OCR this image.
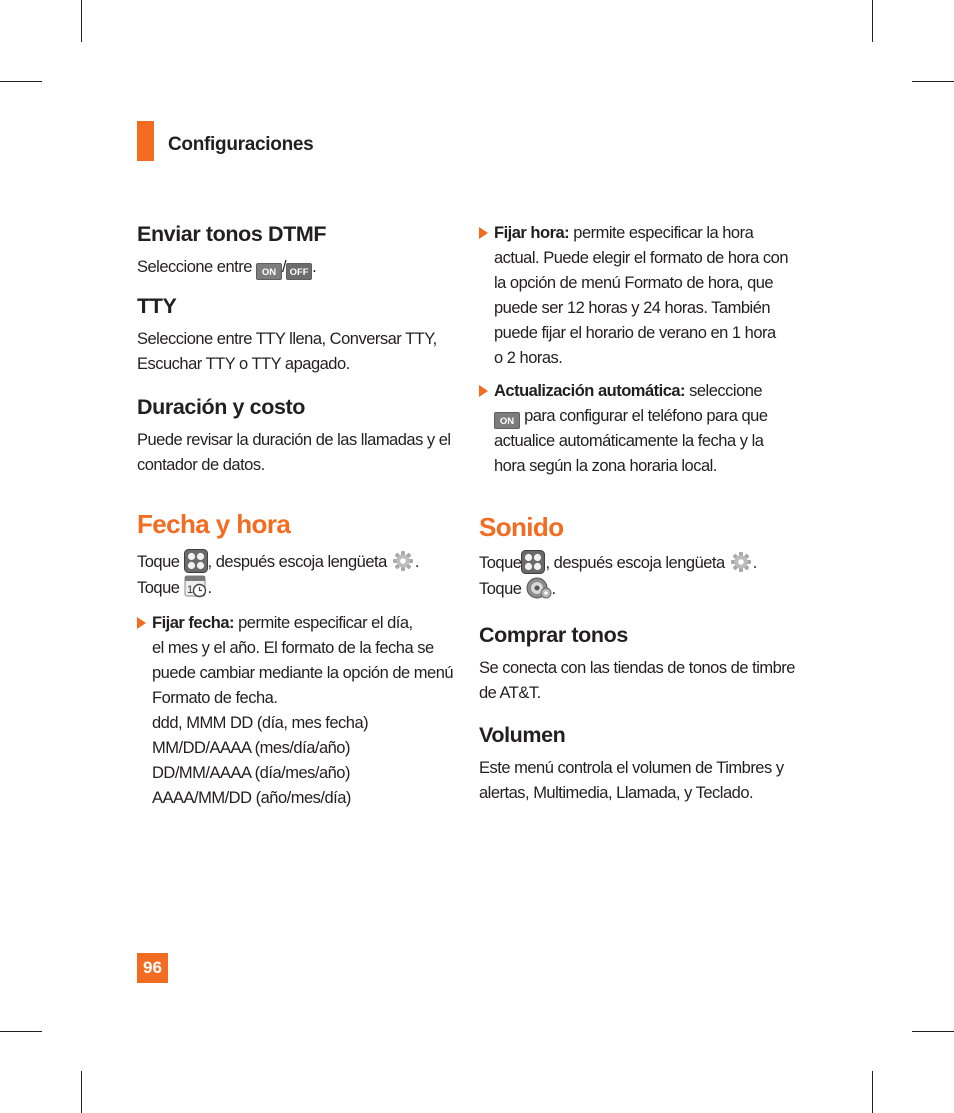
Configuraciones
Enviar tonos DTMF

Seleccione entre ON / OFF .

TTY

Seleccione entre TTY llena, Conversar TTY,
Escuchar TTY o TTY apagado.

Duración y costo

Puede revisar la duración de las llamadas y el
contador de datos.

Fecha y hora

Toque , después escoja lengüeta .

Toque 1 .

Fijar fecha: permite especificar el día,

el mes y el año. El formato de la fecha se

puede cambiar mediante la opción de menú

Formato de fecha.

ddd, MMM DD (día, mes fecha)

MM/DD/AAAA (mes/día/año)

DD/MM/AAAA (día/mes/año)

AAAA/MM/DD (año/mes/día)

Fijar hora: permite especificar la hora

actual. Puede elegir el formato de hora con

la opción de menú Formato de hora, que

puede ser 12 horas y 24 horas. También

puede fijar el horario de verano en 1 hora

o 2 horas.

Actualización automática: seleccione

ON para configurar el teléfono para que

actualice automáticamente la fecha y la

hora según la zona horaria local.

Sonido

Toque , después escoja lengüeta .

Toque .

Comprar tonos

Se conecta con las tiendas de tonos de timbre
de AT&T.

Volumen

Este menú controla el volumen de Timbres y
alertas, Multimedia, Llamada, y Teclado.

96
